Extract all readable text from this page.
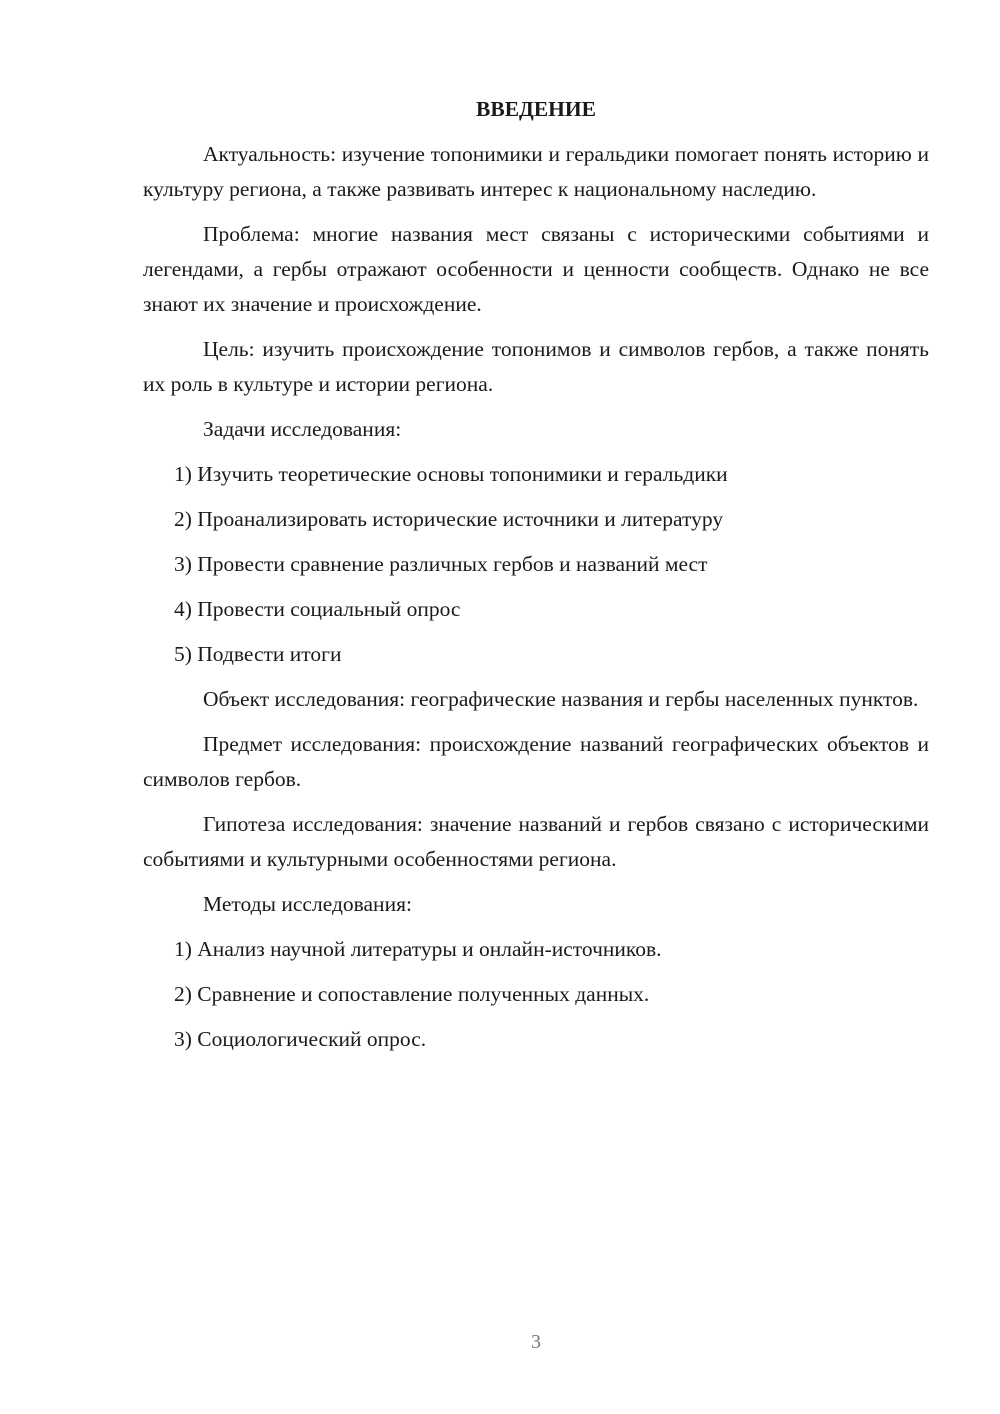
ВВЕДЕНИЕ

Актуальность: изучение топонимики и геральдики помогает понять историю и культуру региона, а также развивать интерес к национальному наследию.

Проблема: многие названия мест связаны с историческими событиями и легендами, а гербы отражают особенности и ценности сообществ. Однако не все знают их значение и происхождение.

Цель: изучить происхождение топонимов и символов гербов, а также понять их роль в культуре и истории региона.

Задачи исследования:

1) Изучить теоретические основы топонимики и геральдики
2) Проанализировать исторические источники и литературу
3) Провести сравнение различных гербов и названий мест
4) Провести социальный опрос
5) Подвести итоги

Объект исследования: географические названия и гербы населенных пунктов.

Предмет исследования: происхождение названий географических объектов и символов гербов.

Гипотеза исследования: значение названий и гербов связано с историческими событиями и культурными особенностями региона.

Методы исследования:

1) Анализ научной литературы и онлайн-источников.
2) Сравнение и сопоставление полученных данных.
3) Социологический опрос.
3
